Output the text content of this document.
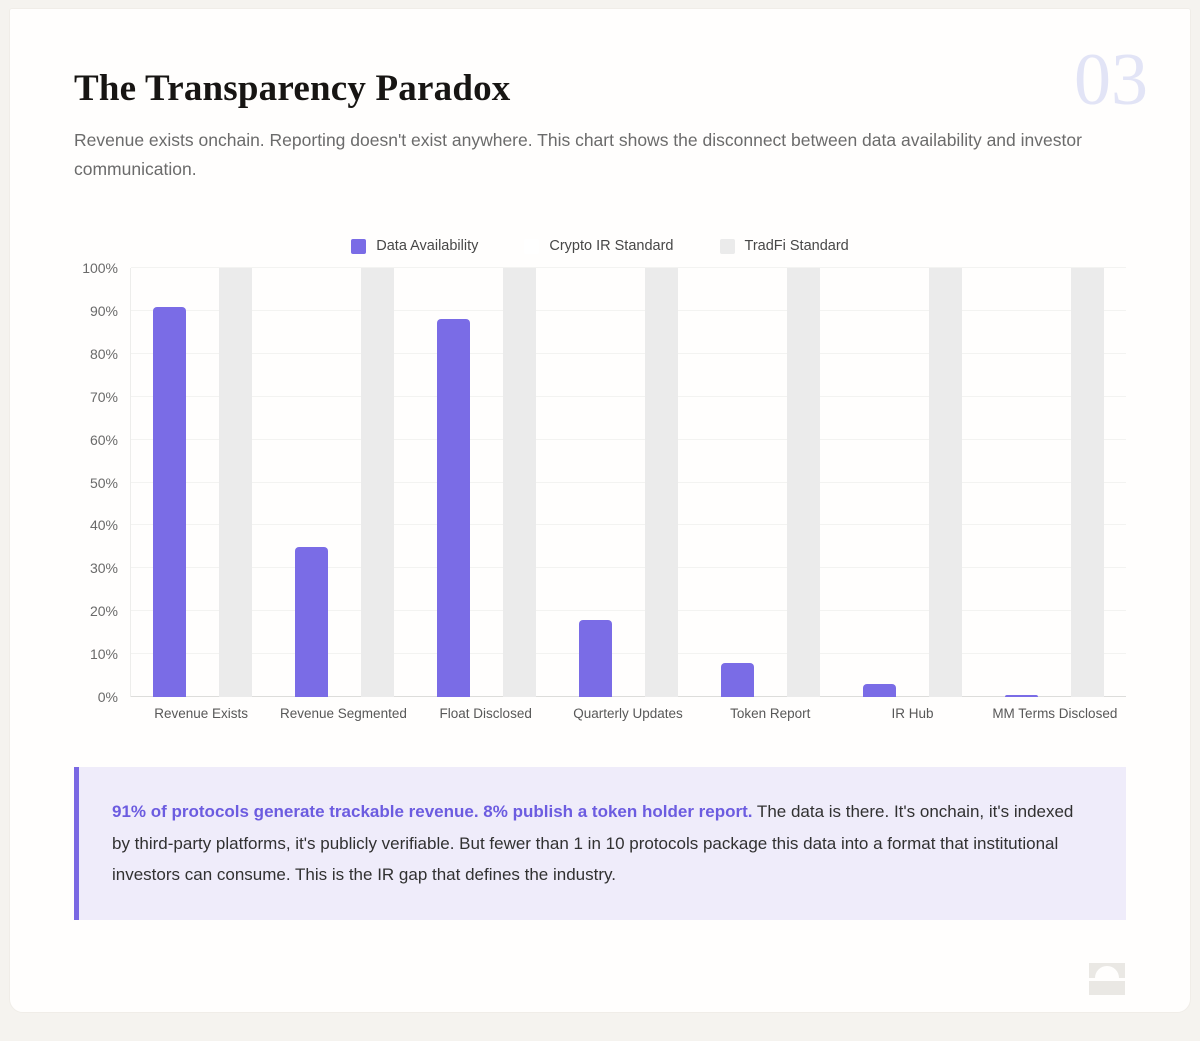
03
The Transparency Paradox

Revenue exists onchain. Reporting doesn't exist anywhere. This chart shows the disconnect between data availability and investor communication.

Data Availability	Crypto IR Standard	TradFi Standard
0%
10%
20%
30%
40%
50%
60%
70%
80%
90%
100%
Revenue Exists	Revenue Segmented	Float Disclosed	Quarterly Updates	Token Report	IR Hub	MM Terms Disclosed
91% of protocols generate trackable revenue. 8% publish a token holder report. The data is there. It's onchain, it's indexed by third-party platforms, it's publicly verifiable. But fewer than 1 in 10 protocols package this data into a format that institutional investors can consume. This is the IR gap that defines the industry.
